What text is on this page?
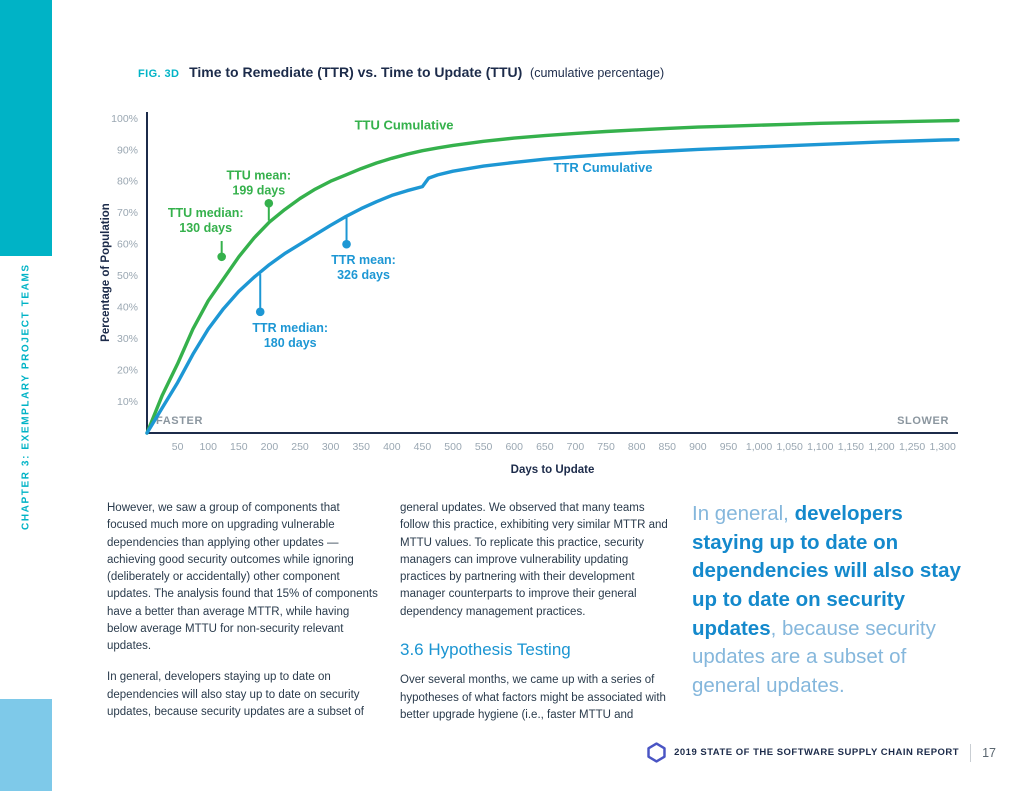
CHAPTER 3: EXEMPLARY PROJECT TEAMS
FIG. 3D Time to Remediate (TTR) vs. Time to Update (TTU) (cumulative percentage)
10%
20%
30%
40%
50%
60%
70%
80%
90%
100%
50 100 150 200 250 300 350 400 450 500 550 600 650 700 750 800 850 900 950 1,000 1,050 1,100 1,150 1,200 1,250 1,300
Days to Update
Percentage of Population
FASTER	SLOWER
TTU Cumulative
TTR Cumulative
TTU mean:
199 days
TTU median:
130 days
TTR mean:
326 days
TTR median:
180 days

However, we saw a group of components that focused much more on upgrading vulnerable dependencies than applying other updates — achieving good security outcomes while ignoring (deliberately or accidentally) other component updates. The analysis found that 15% of components have a better than average MTTR, while having below average MTTU for non-security relevant updates.

In general, developers staying up to date on dependencies will also stay up to date on security updates, because security updates are a subset of

general updates. We observed that many teams follow this practice, exhibiting very similar MTTR and MTTU values. To replicate this practice, security managers can improve vulnerability updating practices by partnering with their development manager counterparts to improve their general dependency management practices.

3.6 Hypothesis Testing

Over several months, we came up with a series of hypotheses of what factors might be associated with better upgrade hygiene (i.e., faster MTTU and

In general, developers staying up to date on dependencies will also stay up to date on security updates, because security updates are a subset of general updates.

2019 STATE OF THE SOFTWARE SUPPLY CHAIN REPORT 17
